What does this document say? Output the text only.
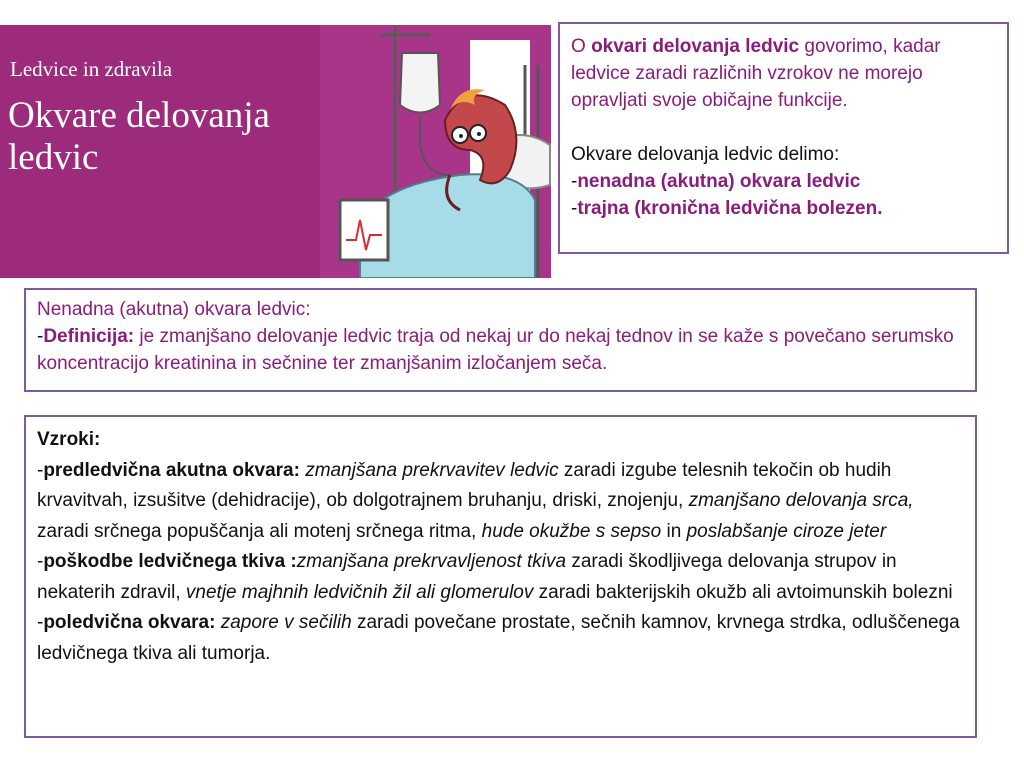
Ledvice in zdravila
Okvare delovanja ledvic
O okvari delovanja ledvic govorimo, kadar ledvice zaradi različnih vzrokov ne morejo opravljati svoje običajne funkcije.
Okvare delovanja ledvic delimo:
-nenadna (akutna) okvara ledvic
-trajna (kronična ledvična bolezen.
Nenadna (akutna) okvara ledvic:
-Definicija: je zmanjšano delovanje ledvic traja od nekaj ur do nekaj tednov in se kaže s povečano serumsko koncentracijo kreatinina in sečnine ter zmanjšanim izločanjem seča.
Vzroki:
-predledvična akutna okvara: zmanjšana prekrvavitev ledvic zaradi izgube telesnih tekočin ob hudih krvavitvah, izsušitve (dehidracije), ob dolgotrajnem bruhanju, driski, znojenju, zmanjšano delovanja srca, zaradi srčnega popuščanja ali motenj srčnega ritma, hude okužbe s sepso in poslabšanje ciroze jeter
-poškodbe ledvičnega tkiva :zmanjšana prekrvavljenost tkiva zaradi škodljivega delovanja strupov in nekaterih zdravil, vnetje majhnih ledvičnih žil ali glomerulov zaradi bakterijskih okužb ali avtoimunskih bolezni
-poledvična okvara: zapore v sečilih zaradi povečane prostate, sečnih kamnov, krvnega strdka, odluščenega ledvičnega tkiva ali tumorja.
